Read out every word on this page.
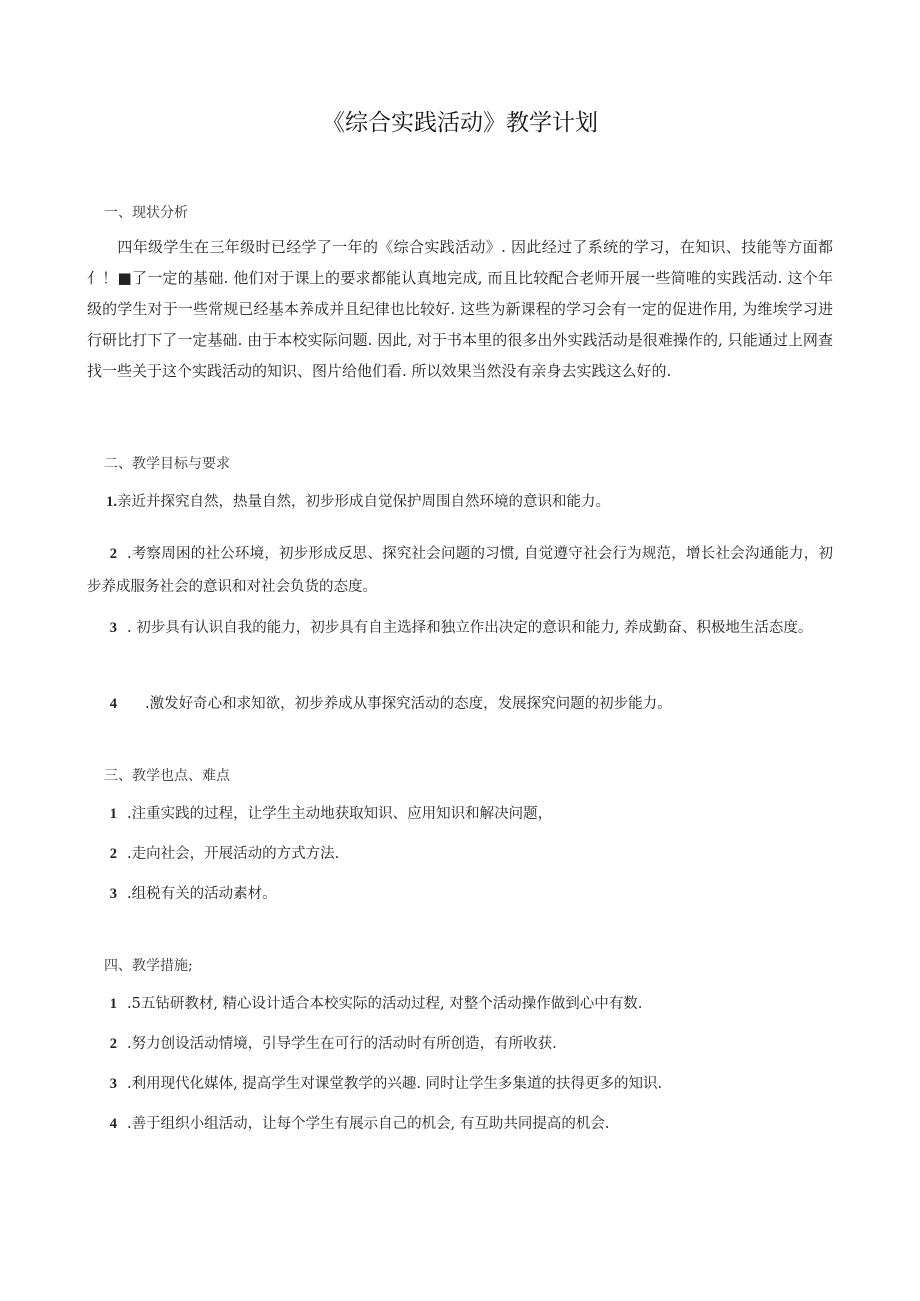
《综合实践活动》教学计划
一、现状分析
四年级学生在三年级时已经学了一年的《综合实践活动》. 因此经过了系统的学习，在知识、技能等方面都亻！■了一定的基础. 他们对于课上的要求都能认真地完成, 而且比较配合老师开展一些简唯的实践活动. 这个年级的学生对于一些常规已经基本养成并且纪律也比较好. 这些为新课程的学习会有一定的促进作用, 为维埃学习进行研比打下了一定基础. 由于本校实际问题. 因此, 对于书本里的很多出外实践活动是很难操作的, 只能通过上网查找一些关于这个实践活动的知识、图片给他们看. 所以效果当然没有亲身去实践这么好的.
二、教学目标与要求
1.亲近并探究自然，热量自然，初步形成自觉保护周围自然环境的意识和能力。
2 .考察周困的社公环境，初步形成反思、探究社会问题的习惯, 自觉遵守社会行为规范，增长社会沟通能力，初步养成服务社会的意识和对社会负货的态度。
3 . 初步具有认识自我的能力，初步具有自主选择和独立作出决定的意识和能力, 养成勤奋、积极地生活态度。
4 .激发好奇心和求知欲，初步养成从事探究活动的态度，发展探究问题的初步能力。
三、教学也点、难点
1 .注重实践的过程，让学生主动地获取知识、应用知识和解决问题，
2 .走向社会，开展活动的方式方法.
3 .组税有关的活动素材。
四、教学措施;
1 .5五钻研教材, 精心设计适合本校实际的活动过程, 对整个活动操作做到心中有数.
2 .努力创设活动情境，引导学生在可行的活动时有所创造，有所收获.
3 .利用现代化媒体, 提高学生对课堂教学的兴趣. 同时让学生多集道的扶得更多的知识.
4 .善于组织小组活动，让每个学生有展示自己的机会, 有互助共同提高的机会.
